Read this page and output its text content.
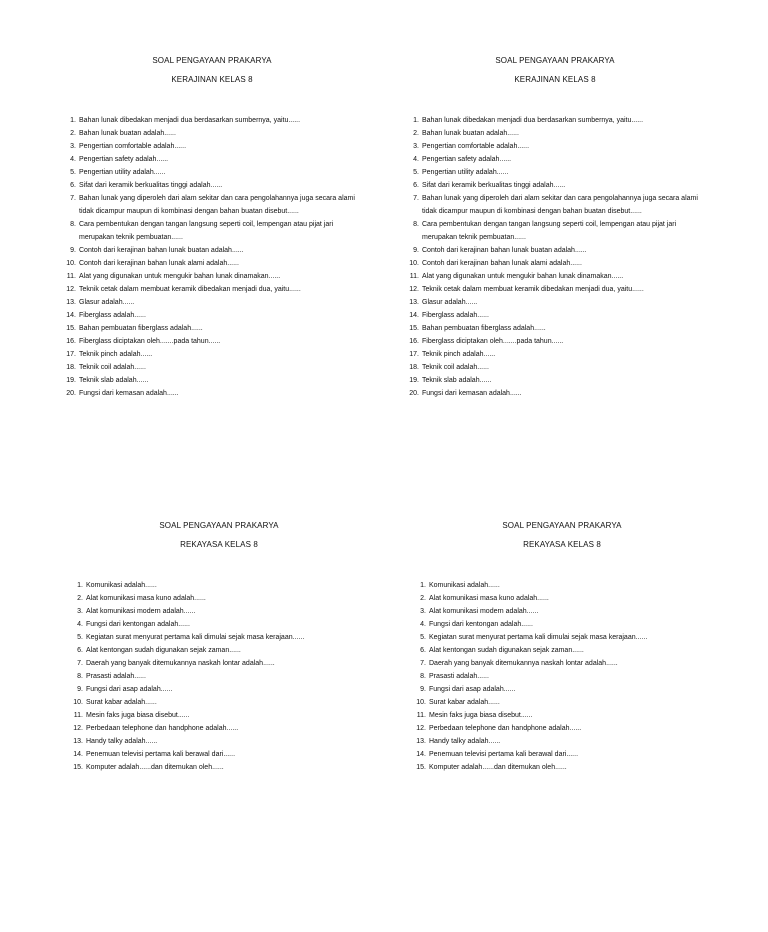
SOAL PENGAYAAN PRAKARYA
KERAJINAN KELAS 8
1. Bahan lunak dibedakan menjadi dua berdasarkan sumbernya, yaitu......
2. Bahan lunak buatan adalah......
3. Pengertian comfortable adalah......
4. Pengertian safety adalah......
5. Pengertian utility adalah......
6. Sifat dari keramik berkualitas tinggi adalah......
7. Bahan lunak yang diperoleh dari alam sekitar dan cara pengolahannya juga secara alami tidak dicampur maupun di kombinasi dengan bahan buatan disebut......
8. Cara pembentukan dengan tangan langsung seperti coil, lempengan atau pijat jari merupakan teknik pembuatan......
9. Contoh dari kerajinan bahan lunak buatan adalah......
10. Contoh dari kerajinan bahan lunak alami adalah......
11. Alat yang digunakan untuk mengukir bahan lunak dinamakan......
12. Teknik cetak dalam membuat keramik dibedakan menjadi dua, yaitu......
13. Glasur adalah......
14. Fiberglass adalah......
15. Bahan pembuatan fiberglass adalah......
16. Fiberglass diciptakan oleh.......pada tahun......
17. Teknik pinch adalah......
18. Teknik coil adalah......
19. Teknik slab adalah......
20. Fungsi dari kemasan adalah......
SOAL PENGAYAAN PRAKARYA
KERAJINAN KELAS 8
1. Bahan lunak dibedakan menjadi dua berdasarkan sumbernya, yaitu......
2. Bahan lunak buatan adalah......
3. Pengertian comfortable adalah......
4. Pengertian safety adalah......
5. Pengertian utility adalah......
6. Sifat dari keramik berkualitas tinggi adalah......
7. Bahan lunak yang diperoleh dari alam sekitar dan cara pengolahannya juga secara alami tidak dicampur maupun di kombinasi dengan bahan buatan disebut......
8. Cara pembentukan dengan tangan langsung seperti coil, lempengan atau pijat jari merupakan teknik pembuatan......
9. Contoh dari kerajinan bahan lunak buatan adalah......
10. Contoh dari kerajinan bahan lunak alami adalah......
11. Alat yang digunakan untuk mengukir bahan lunak dinamakan......
12. Teknik cetak dalam membuat keramik dibedakan menjadi dua, yaitu......
13. Glasur adalah......
14. Fiberglass adalah......
15. Bahan pembuatan fiberglass adalah......
16. Fiberglass diciptakan oleh.......pada tahun......
17. Teknik pinch adalah......
18. Teknik coil adalah......
19. Teknik slab adalah......
20. Fungsi dari kemasan adalah......
SOAL PENGAYAAN PRAKARYA
REKAYASA KELAS 8
1. Komunikasi adalah......
2. Alat komunikasi masa kuno adalah......
3. Alat komunikasi modern adalah......
4. Fungsi dari kentongan adalah......
5. Kegiatan surat menyurat pertama kali dimulai sejak masa kerajaan......
6. Alat kentongan sudah digunakan sejak zaman......
7. Daerah yang banyak ditemukannya naskah lontar adalah......
8. Prasasti adalah......
9. Fungsi dari asap adalah......
10. Surat kabar adalah......
11. Mesin faks juga biasa disebut......
12. Perbedaan telephone dan handphone adalah......
13. Handy talky adalah......
14. Penemuan televisi pertama kali berawal dari......
15. Komputer adalah......dan ditemukan oleh......
SOAL PENGAYAAN PRAKARYA
REKAYASA KELAS 8
1. Komunikasi adalah......
2. Alat komunikasi masa kuno adalah......
3. Alat komunikasi modern adalah......
4. Fungsi dari kentongan adalah......
5. Kegiatan surat menyurat pertama kali dimulai sejak masa kerajaan......
6. Alat kentongan sudah digunakan sejak zaman......
7. Daerah yang banyak ditemukannya naskah lontar adalah......
8. Prasasti adalah......
9. Fungsi dari asap adalah......
10. Surat kabar adalah......
11. Mesin faks juga biasa disebut......
12. Perbedaan telephone dan handphone adalah......
13. Handy talky adalah......
14. Penemuan televisi pertama kali berawal dari......
15. Komputer adalah......dan ditemukan oleh......
